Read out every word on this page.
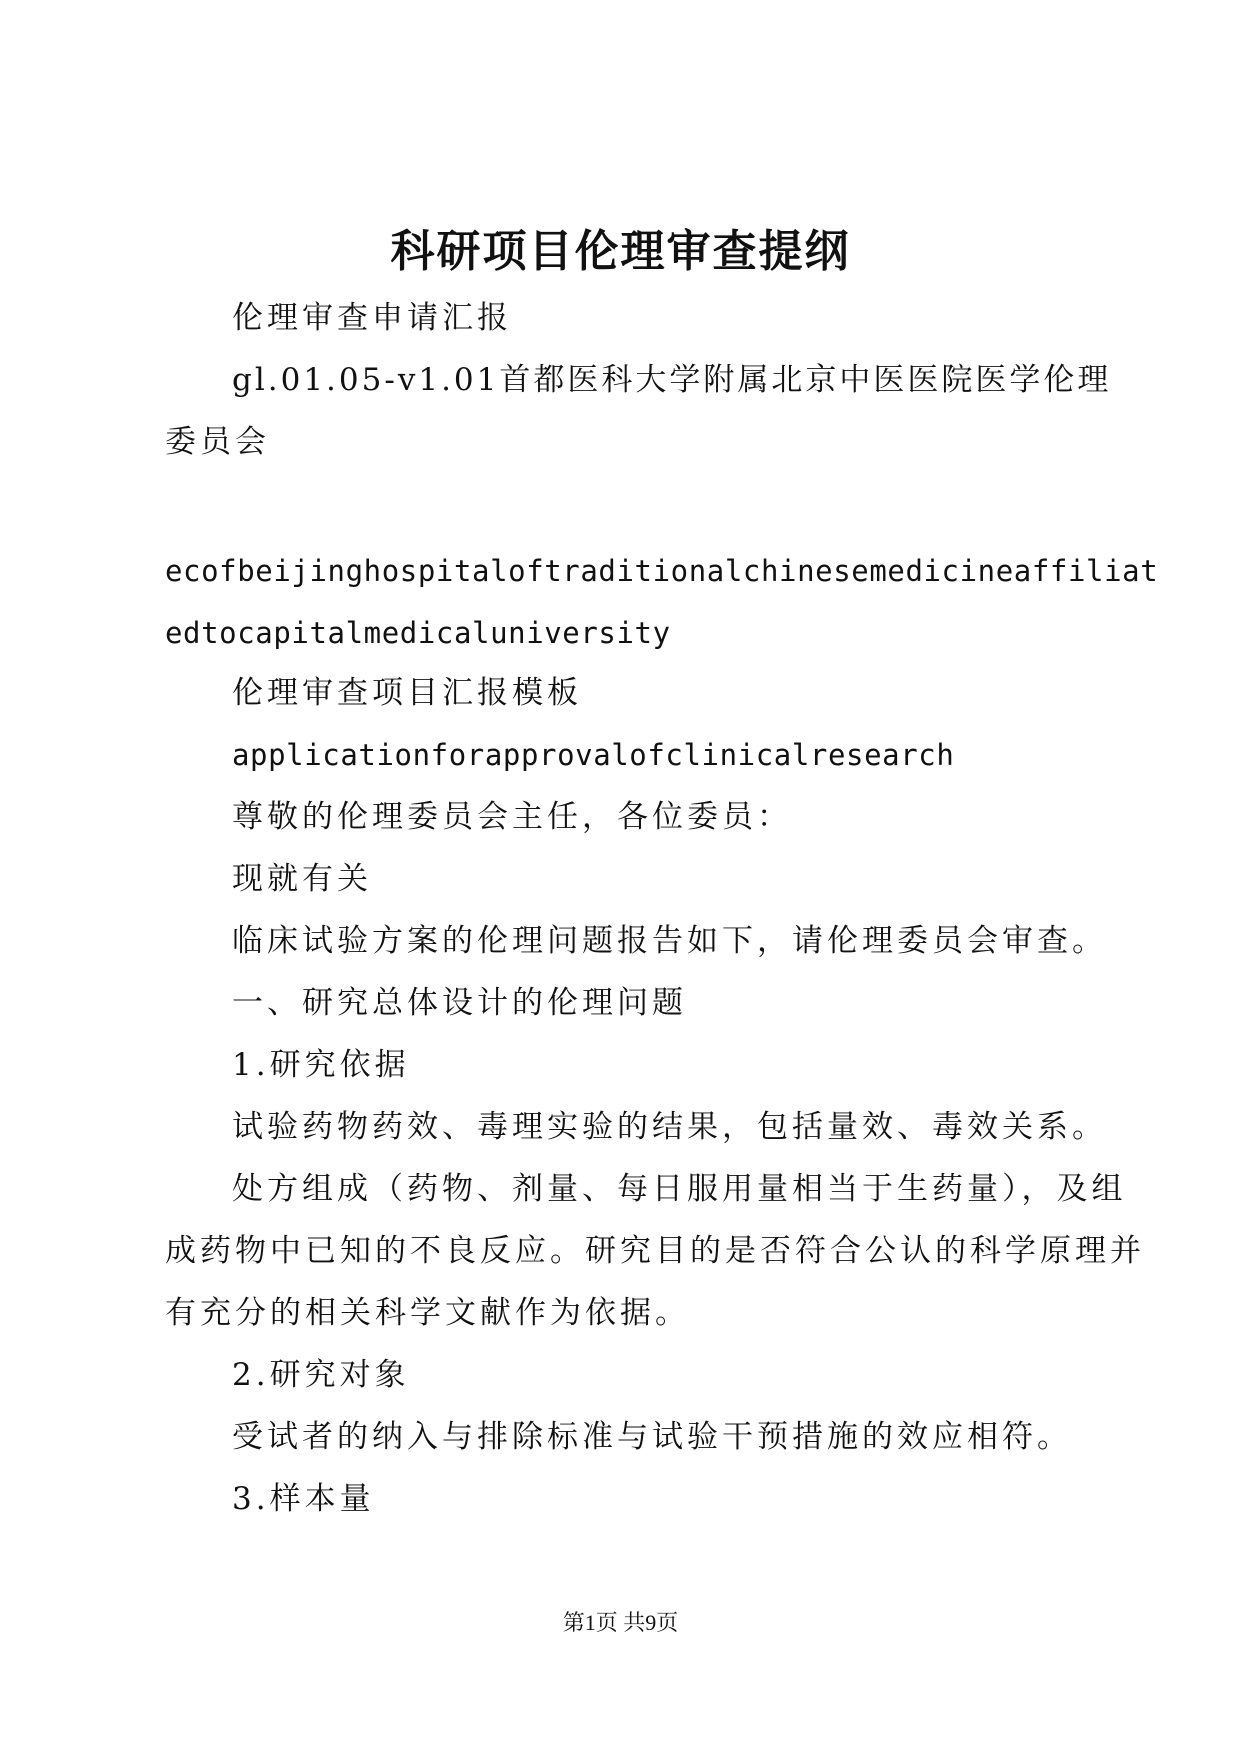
科研项目伦理审查提纲
伦理审查申请汇报
gl.01.05-v1.01首都医科大学附属北京中医医院医学伦理
委员会
ecofbeijinghospitaloftraditionalchinesemedicineaffiliat
edtocapitalmedicaluniversity
伦理审查项目汇报模板
applicationforapprovalofclinicalresearch
尊敬的伦理委员会主任，各位委员：
现就有关
临床试验方案的伦理问题报告如下，请伦理委员会审查。
一、研究总体设计的伦理问题
1.研究依据
试验药物药效、毒理实验的结果，包括量效、毒效关系。
处方组成（药物、剂量、每日服用量相当于生药量），及组
成药物中已知的不良反应。研究目的是否符合公认的科学原理并
有充分的相关科学文献作为依据。
2.研究对象
受试者的纳入与排除标准与试验干预措施的效应相符。
3.样本量
第1页 共9页
